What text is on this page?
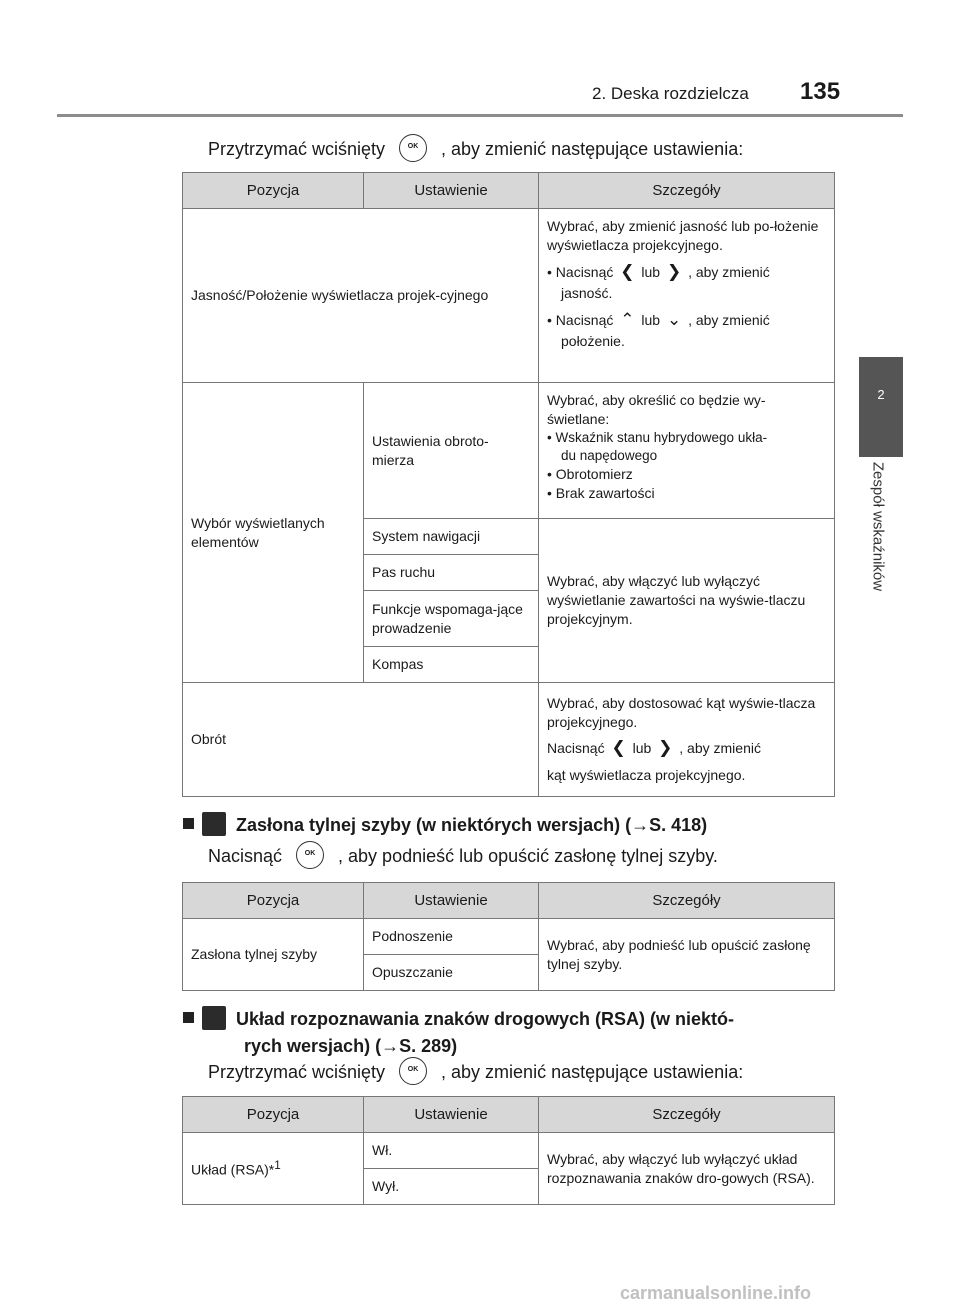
2. Deska rozdzielcza 135
2
Zespół wskaźników
Przytrzymać wciśnięty	OK	, aby zmienić następujące ustawienia:
Pozycja	Ustawienie	Szczegóły
Jasność/Położenie wyświetlacza projek-cyjnego		Wybrać, aby zmienić jasność lub po-łożenie wyświetlacza projekcyjnego.
• Nacisnąć ❮ lub ❯ , aby zmienić
jasność.
• Nacisnąć ⌃ lub ⌄ , aby zmienić
położenie.

Wybór wyświetlanych elementów	Ustawienia obroto-mierza	Wybrać, aby określić co będzie wy-świetlane:
• Wskaźnik stanu hybrydowego ukła-
du napędowego
• Obrotomierz
• Brak zawartości

	System nawigacji	Wybrać, aby włączyć lub wyłączyć wyświetlanie zawartości na wyświe-tlaczu projekcyjnym.
	Pas ruchu	
	Funkcje wspomaga-jące prowadzenie	
	Kompas	
Obrót		Wybrać, aby dostosować kąt wyświe-tlacza projekcyjnego.
Nacisnąć ❮ lub ❯ , aby zmienić
kąt wyświetlacza projekcyjnego.
Zasłona tylnej szyby (w niektórych wersjach) (→S. 418)
Nacisnąć	OK	, aby podnieść lub opuścić zasłonę tylnej szyby.
Pozycja	Ustawienie	Szczegóły
Zasłona tylnej szyby	Podnoszenie	Wybrać, aby podnieść lub opuścić zasłonę tylnej szyby.
	Opuszczanie	
Układ rozpoznawania znaków drogowych (RSA) (w niektó-
rych wersjach) (→S. 289)
Przytrzymać wciśnięty	OK	, aby zmienić następujące ustawienia:
Pozycja	Ustawienie	Szczegóły
Układ (RSA)*$^1$	Wł.	Wybrać, aby włączyć lub wyłączyć układ rozpoznawania znaków dro-gowych (RSA).
	Wył.	
carmanualsonline.info
